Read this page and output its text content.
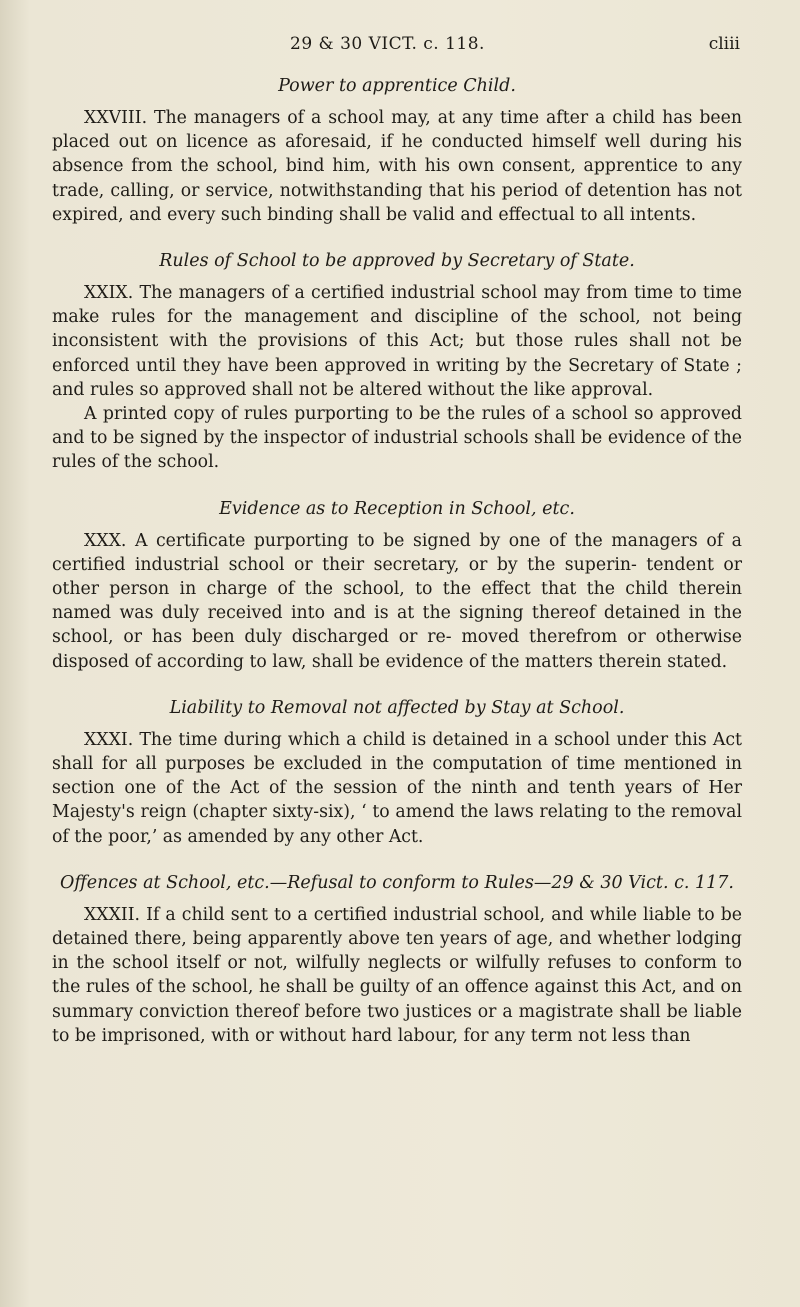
29 & 30 VICT. c. 118.	cliii
Power to apprentice Child.

XXVIII. The managers of a school may, at any time after a child has been placed out on licence as aforesaid, if he conducted himself well during his absence from the school, bind him, with his own consent, apprentice to any trade, calling, or service, notwithstanding that his period of detention has not expired, and every such binding shall be valid and effectual to all intents.

Rules of School to be approved by Secretary of State.

XXIX. The managers of a certified industrial school may from time to time make rules for the management and discipline of the school, not being inconsistent with the provisions of this Act; but those rules shall not be enforced until they have been approved in writing by the Secretary of State ; and rules so approved shall not be altered without the like approval.

A printed copy of rules purporting to be the rules of a school so approved and to be signed by the inspector of industrial schools shall be evidence of the rules of the school.

Evidence as to Reception in School, etc.

XXX. A certificate purporting to be signed by one of the managers of a certified industrial school or their secretary, or by the superin- tendent or other person in charge of the school, to the effect that the child therein named was duly received into and is at the signing thereof detained in the school, or has been duly discharged or re- moved therefrom or otherwise disposed of according to law, shall be evidence of the matters therein stated.

Liability to Removal not affected by Stay at School.

XXXI. The time during which a child is detained in a school under this Act shall for all purposes be excluded in the computation of time mentioned in section one of the Act of the session of the ninth and tenth years of Her Majesty's reign (chapter sixty-six), ‘ to amend the laws relating to the removal of the poor,’ as amended by any other Act.

Offences at School, etc.—Refusal to conform to Rules—29 & 30 Vict. c. 117.

XXXII. If a child sent to a certified industrial school, and while liable to be detained there, being apparently above ten years of age, and whether lodging in the school itself or not, wilfully neglects or wilfully refuses to conform to the rules of the school, he shall be guilty of an offence against this Act, and on summary conviction thereof before two justices or a magistrate shall be liable to be imprisoned, with or without hard labour, for any term not less than
